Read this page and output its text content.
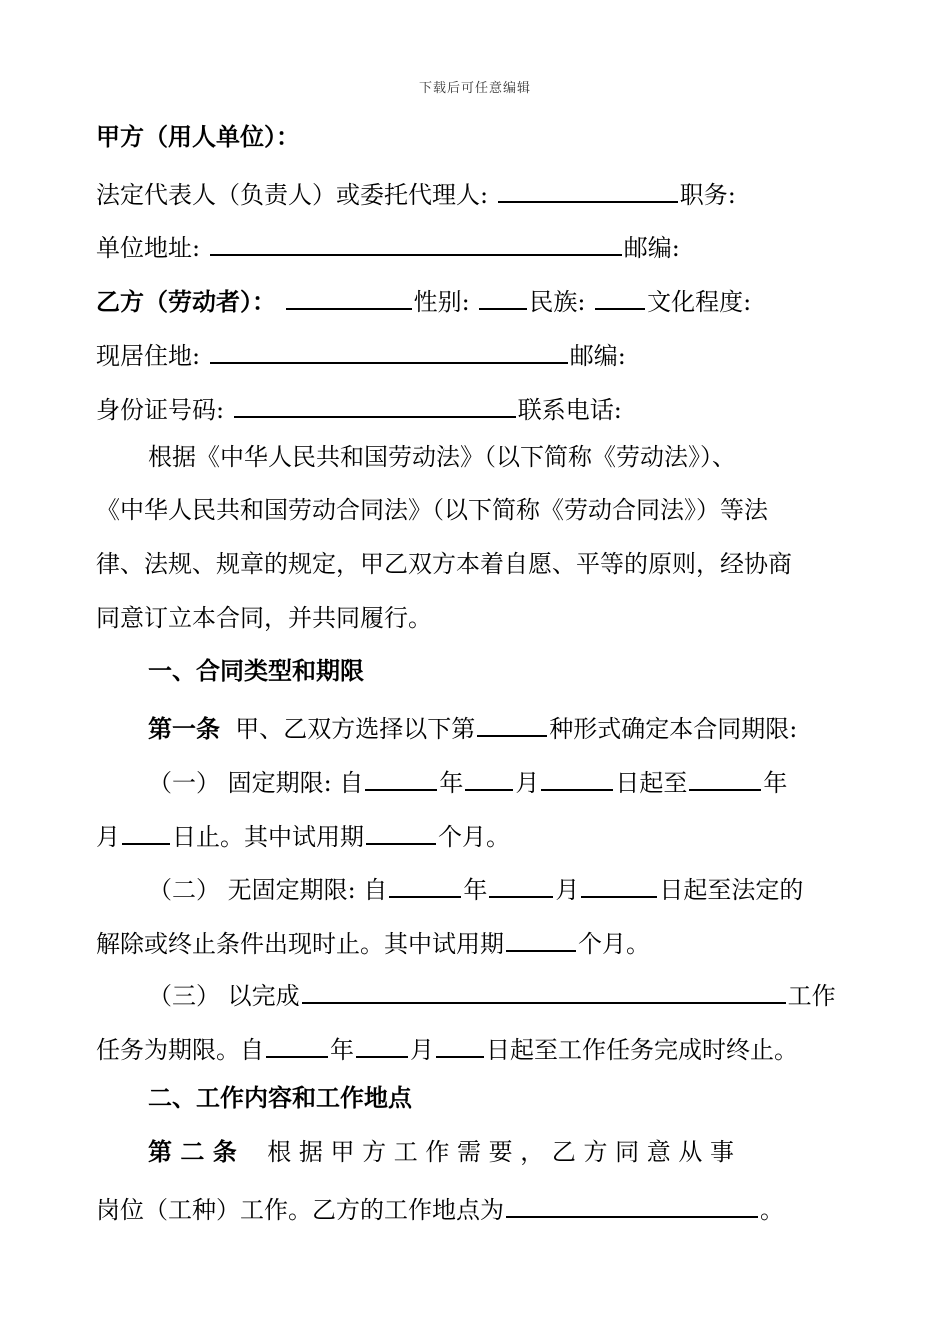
下载后可任意编辑
甲方（用人单位）：
法定代表人（负责人）或委托代理人:	职务:
单位地址:	邮编:
乙方（劳动者）：	性别: 民族:	文化程度:
现居住地:	邮编:
身份证号码:	联系电话:
根据《中华人民共和国劳动法》（以下简称《劳动法》）、
《中华人民共和国劳动合同法》（以下简称《劳动合同法》）等法
律、法规、规章的规定，甲乙双方本着自愿、平等的原则，经协商
同意订立本合同，并共同履行。
一、合同类型和期限
第一条 甲、乙双方选择以下第	种形式确定本合同期限:
（一） 固定期限: 自	年 月	日起至	年
月 日止。其中试用期	个月。
（二） 无固定期限: 自	年	月	日起至法定的
解除或终止条件出现时止。其中试用期	个月。
（三） 以完成	工作
任务为期限。自	年 月 日起至工作任务完成时终止。
二、工作内容和工作地点
第 二 条 根 据 甲 方 工 作 需 要 ， 乙 方 同 意 从 事
岗位（工种）工作。乙方的工作地点为	。
